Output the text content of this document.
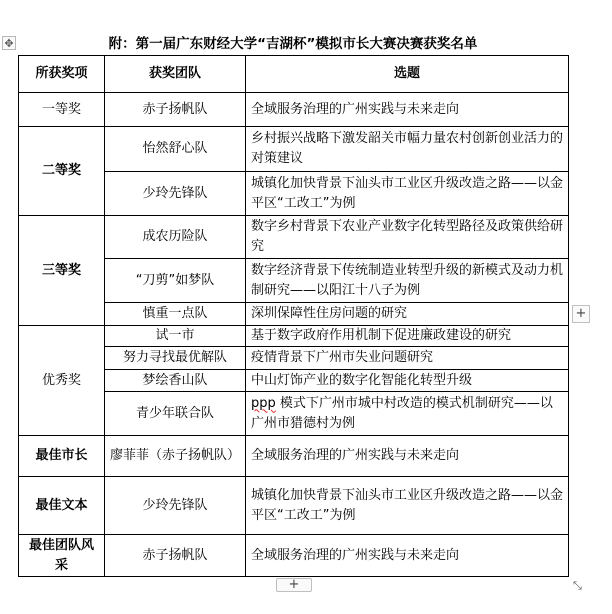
✥	附：第一届广东财经大学“吉湖杯”模拟市长大赛决赛获奖名单
所获奖项	获奖团队	选题
一等奖	赤子扬帆队	全域服务治理的广州实践与未来走向
二等奖	怡然舒心队	乡村振兴战略下激发韶关市幅力量农村创新创业活力的对策建议
	少玲先锋队	城镇化加快背景下汕头市工业区升级改造之路——以金平区“工改工”为例
三等奖	成农历险队	数字乡村背景下农业产业数字化转型路径及政策供给研究
	“刀剪”如梦队	数字经济背景下传统制造业转型升级的新模式及动力机制研究——以阳江十八子为例
	慎重一点队	深圳保障性住房问题的研究
优秀奖	试一市	基于数字政府作用机制下促进廉政建设的研究
	努力寻找最优解队	疫情背景下广州市失业问题研究
	梦绘香山队	中山灯饰产业的数字化智能化转型升级
	青少年联合队	ppp 模式下广州市城中村改造的模式机制研究——以广州市猎德村为例
最佳市长	廖菲菲（赤子扬帆队）	全域服务治理的广州实践与未来走向
最佳文本	少玲先锋队	城镇化加快背景下汕头市工业区升级改造之路——以金平区“工改工”为例
最佳团队风采	赤子扬帆队	全域服务治理的广州实践与未来走向
+
+	⤡
